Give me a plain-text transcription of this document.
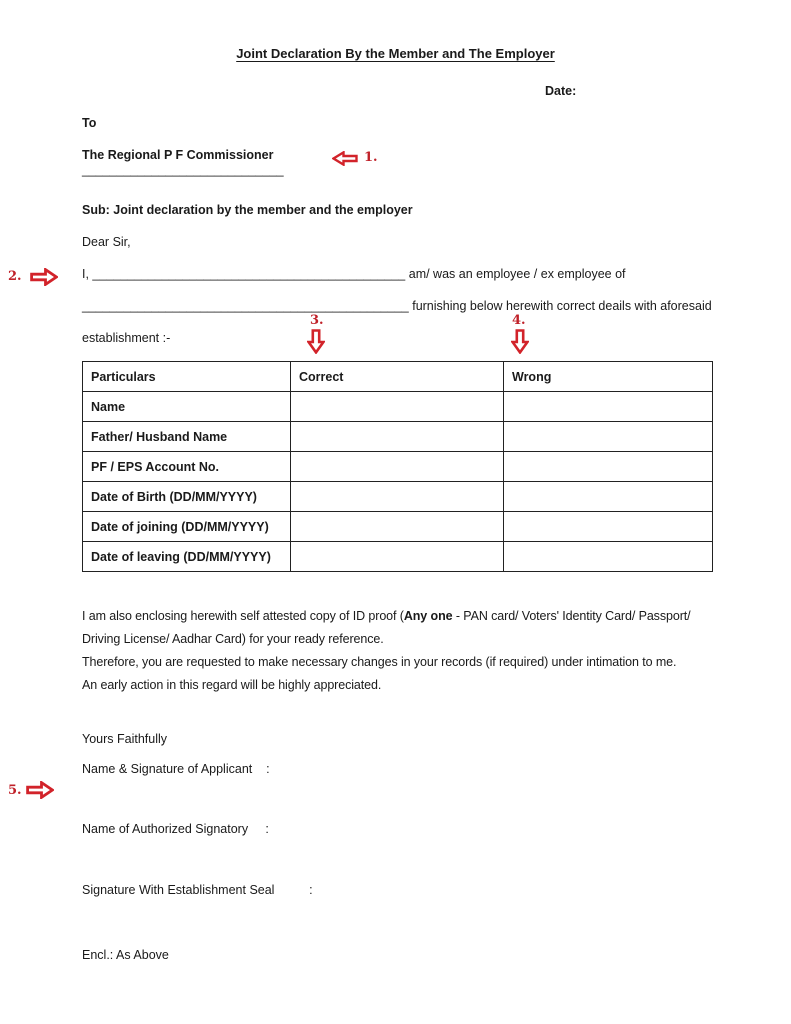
Joint Declaration By the Member and The Employer
Date:
To
The Regional P F Commissioner
_____________________________
Sub: Joint declaration by the member and the employer
Dear Sir,
I, _____________________________________________ am/ was an employee / ex employee of
_______________________________________________ furnishing below herewith correct deails with aforesaid
establishment :-
Particulars	Correct	Wrong
Name		
Father/ Husband Name		
PF / EPS Account No.		
Date of Birth (DD/MM/YYYY)		
Date of joining (DD/MM/YYYY)		
Date of leaving (DD/MM/YYYY)		
I am also enclosing herewith self attested copy of ID proof (Any one - PAN card/ Voters' Identity Card/ Passport/
Driving License/ Aadhar Card) for your ready reference.
Therefore, you are requested to make necessary changes in your records (if required) under intimation to me.
An early action in this regard will be highly appreciated.
Yours Faithfully
Name & Signature of Applicant    :
Name of Authorized Signatory     :
Signature With Establishment Seal          :
Encl.: As Above
1.
2.
3.	4.
5.
